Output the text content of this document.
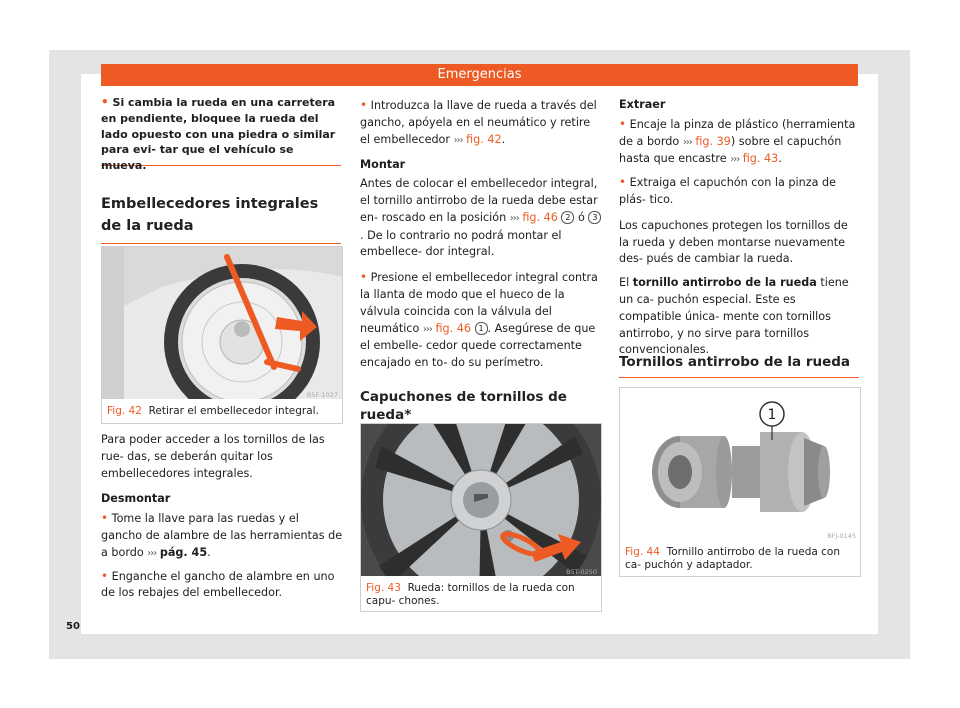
Emergencias

• Si cambia la rueda en una carretera en pendiente, bloquee la rueda del lado opuesto con una piedra o similar para evi- tar que el vehículo se mueva.

Embellecedores integrales de la rueda
B5F-1027
Fig. 42 Retirar el embellecedor integral.

Para poder acceder a los tornillos de las rue- das, se deberán quitar los embellecedores integrales.

Desmontar

• Tome la llave para las ruedas y el gancho de alambre de las herramientas de a bordo ››› pág. 45.

• Enganche el gancho de alambre en uno de los rebajes del embellecedor.

• Introduzca la llave de rueda a través del gancho, apóyela en el neumático y retire el embellecedor ››› fig. 42.

Montar

Antes de colocar el embellecedor integral, el tornillo antirrobo de la rueda debe estar en- roscado en la posición ››› fig. 46 2 ó 3. De lo contrario no podrá montar el embellece- dor integral.

• Presione el embellecedor integral contra la llanta de modo que el hueco de la válvula coincida con la válvula del neumático ››› fig. 46 1 . Asegúrese de que el embelle- cedor quede correctamente encajado en to- do su perímetro.

Capuchones de tornillos de rueda*
B5T-0250
Fig. 43 Rueda: tornillos de la rueda con capu- chones.

Extraer

• Encaje la pinza de plástico (herramienta de a bordo ››› fig. 39) sobre el capuchón hasta que encastre ››› fig. 43.

• Extraiga el capuchón con la pinza de plás- tico.

Los capuchones protegen los tornillos de la rueda y deben montarse nuevamente des- pués de cambiar la rueda.

El tornillo antirrobo de la rueda tiene un ca- puchón especial. Este es compatible única- mente con tornillos antirrobo, y no sirve para tornillos convencionales.

Tornillos antirrobo de la rueda
1
BFJ-0145
Fig. 44 Tornillo antirrobo de la rueda con ca- puchón y adaptador.
50
